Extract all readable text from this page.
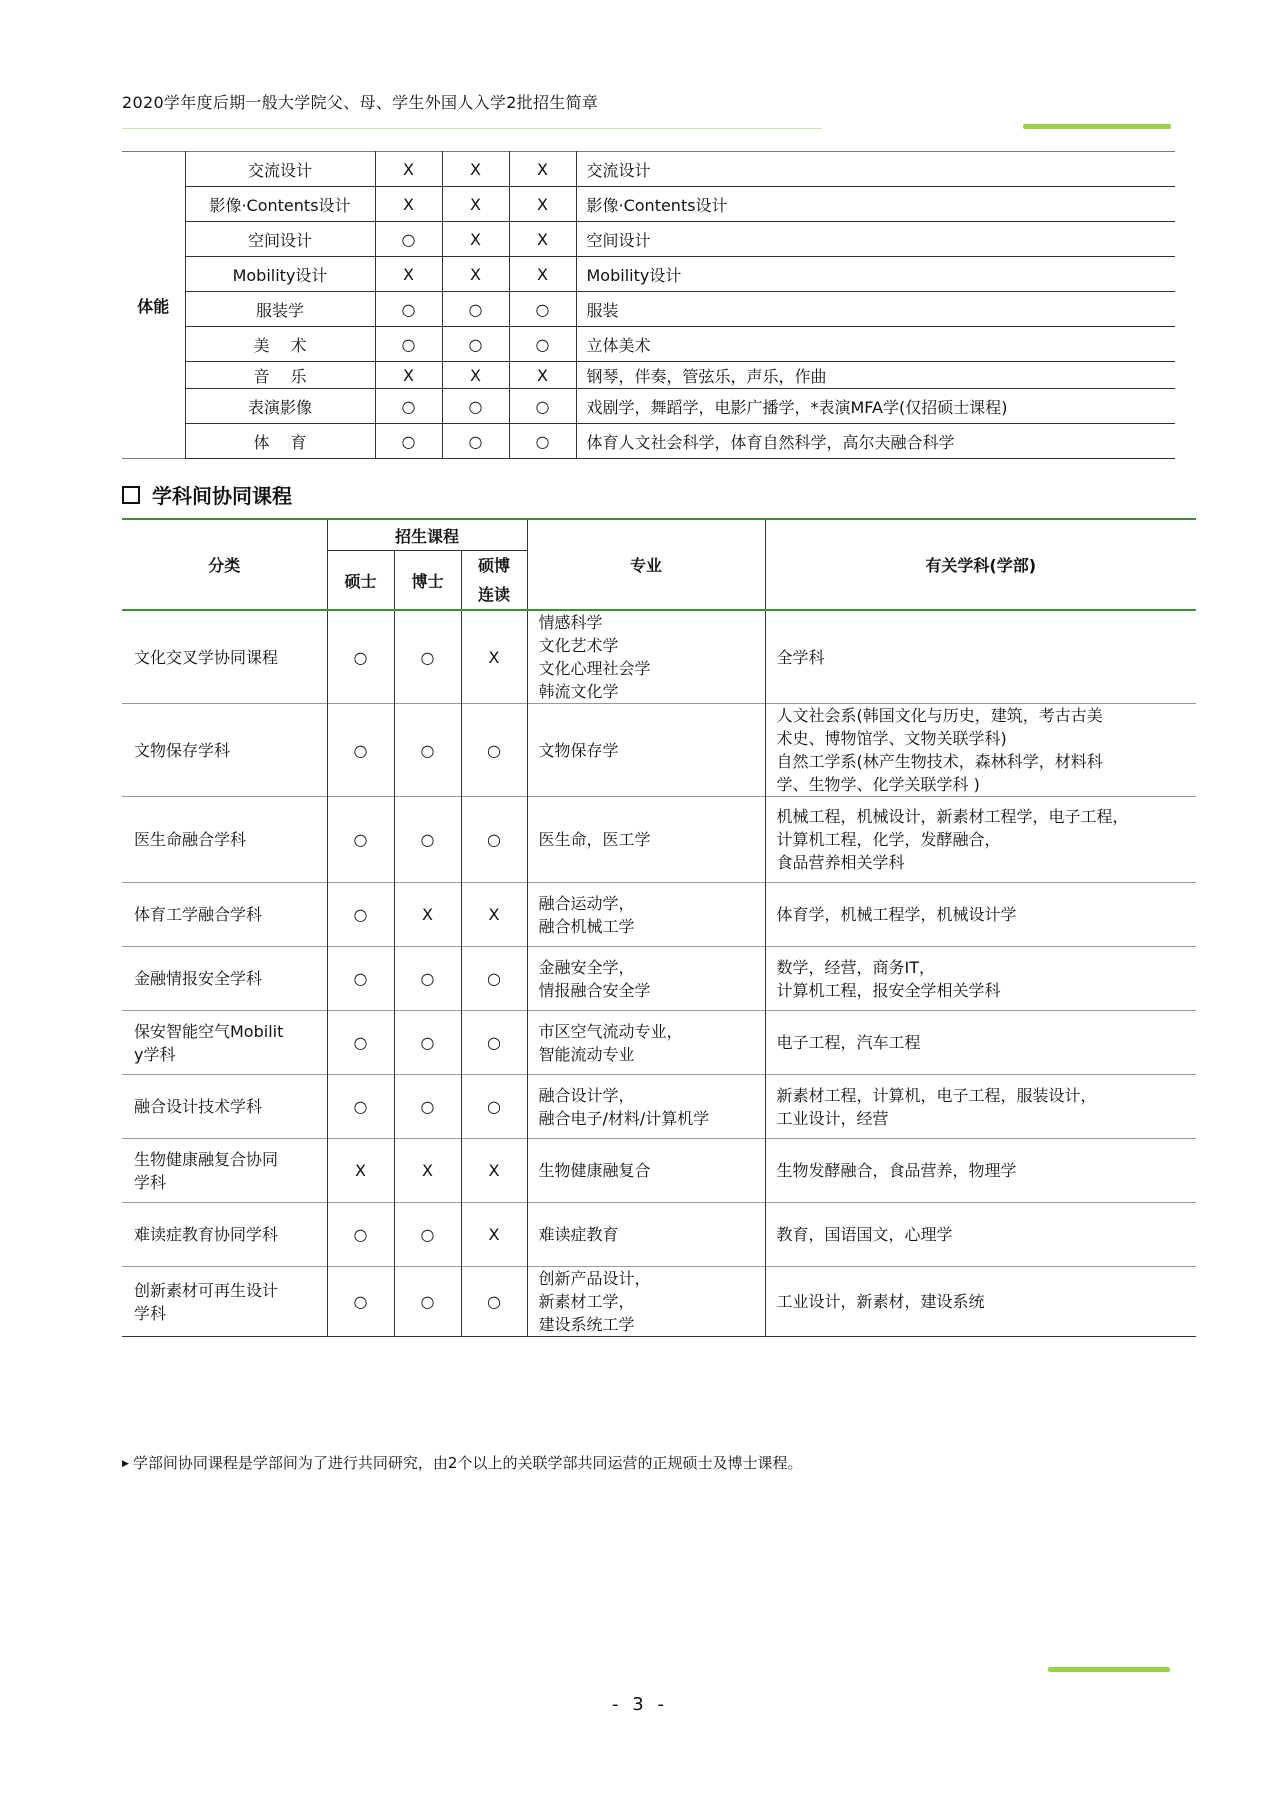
2020学年度后期一般大学院父、母、学生外国人入学2批招生简章
体能	交流设计	X	X	X	交流设计
	影像·Contents设计	X	X	X	影像·Contents设计
	空间设计	○	X	X	空间设计
	Mobility设计	X	X	X	Mobility设计
	服装学	○	○	○	服装
	美　 术	○	○	○	立体美术
	音　 乐	X	X	X	钢琴，伴奏，管弦乐，声乐，作曲
	表演影像	○	○	○	戏剧学，舞蹈学，电影广播学，*表演MFA学(仅招硕士课程)
	体　 育	○	○	○	体育人文社会科学，体育自然科学，高尔夫融合科学
学科间协同课程
分类	招生课程			专业	有关学科(学部)
	硕士	博士	硕博
连读		

文化交叉学协同课程	○	○	X	情感科学
文化艺术学
文化心理社会学
韩流文化学	全学科

文物保存学科	○	○	○	文物保存学	人文社会系(韩国文化与历史，建筑，考古古美
术史、博物馆学、文物关联学科)
自然工学系(林产生物技术，森林科学，材料科
学、生物学、化学关联学科 )

医生命融合学科	○	○	○	医生命，医工学	机械工程，机械设计，新素材工程学，电子工程，
计算机工程，化学，发酵融合，
食品营养相关学科

体育工学融合学科	○	X	X	融合运动学，
融合机械工学	体育学，机械工程学，机械设计学

金融情报安全学科	○	○	○	金融安全学，
情报融合安全学	数学，经营，商务IT，
计算机工程，报安全学相关学科

保安智能空气Mobilit
y学科	○	○	○	市区空气流动专业，
智能流动专业	电子工程，汽车工程

融合设计技术学科	○	○	○	融合设计学，
融合电子/材料/计算机学	新素材工程，计算机，电子工程，服装设计，
工业设计，经营

生物健康融复合协同
学科	X	X	X	生物健康融复合	生物发酵融合，食品营养，物理学

难读症教育协同学科	○	○	X	难读症教育	教育，国语国文，心理学

创新素材可再生设计
学科	○	○	○	创新产品设计，
新素材工学，
建设系统工学	工业设计，新素材，建设系统
▶ 学部间协同课程是学部间为了进行共同研究，由2个以上的关联学部共同运营的正规硕士及博士课程。
- 3 -
